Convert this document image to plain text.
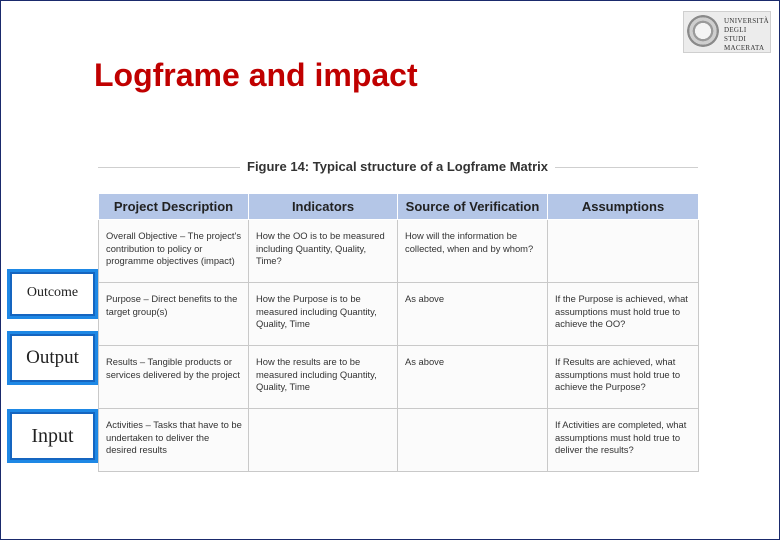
UNIVERSITÀ
DEGLI STUDI
MACERATA
Logframe and impact
Figure 14: Typical structure of a Logframe Matrix
Project Description	Indicators	Source of Verification	Assumptions

Overall Objective – The project's contribution to policy or programme objectives (impact)	How the OO is to be measured including Quantity, Quality, Time?	How will the information be collected, when and by whom?	

Purpose – Direct benefits to the target group(s)	How the Purpose is to be measured including Quantity, Quality, Time	As above	If the Purpose is achieved, what assumptions must hold true to achieve the OO?

Results – Tangible products or services delivered by the project	How the results are to be measured including Quantity, Quality, Time	As above	If Results are achieved, what assumptions must hold true to achieve the Purpose?

Activities – Tasks that have to be undertaken to deliver the desired results			If Activities are completed, what assumptions must hold true to deliver the results?
Outcome
Output
Input
